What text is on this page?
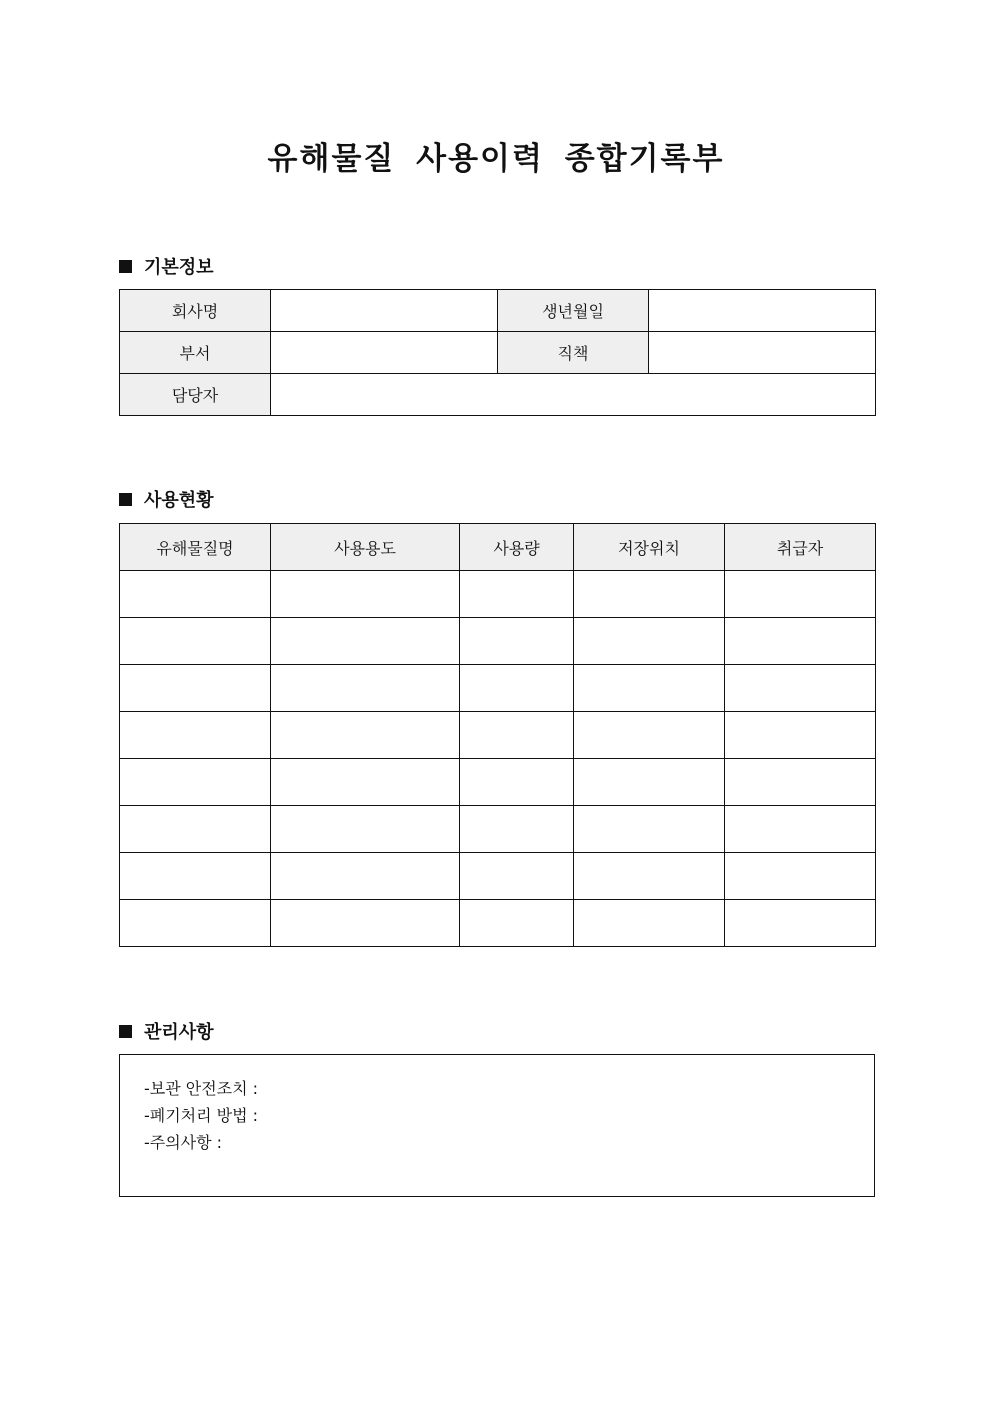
유해물질 사용이력 종합기록부
기본정보
회사명		생년월일	
부서		직책	
담당자			
사용현황
유해물질명	사용용도	사용량	저장위치	취급자

관리사항
-보관 안전조치 :
-폐기처리 방법 :
-주의사항 :
